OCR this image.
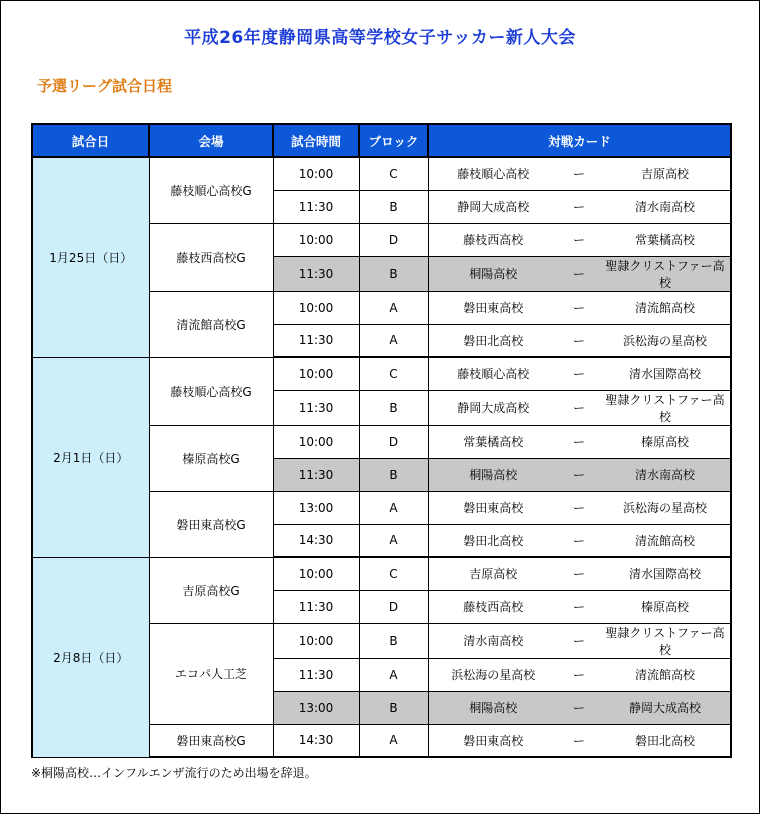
平成26年度静岡県高等学校女子サッカー新人大会
予選リーグ試合日程
試合日	会場	試合時間	ブロック	対戦カード		
1月25日（日）	藤枝順心高校G	10:00	C	藤枝順心高校	ー	吉原高校
		11:30	B	静岡大成高校	ー	清水南高校
	藤枝西高校G	10:00	D	藤枝西高校	ー	常葉橘高校
		11:30	B	桐陽高校	ー	聖隷クリストファー高校
	清流館高校G	10:00	A	磐田東高校	ー	清流館高校
		11:30	A	磐田北高校	ー	浜松海の星高校
2月1日（日）	藤枝順心高校G	10:00	C	藤枝順心高校	ー	清水国際高校
		11:30	B	静岡大成高校	ー	聖隷クリストファー高校
	榛原高校G	10:00	D	常葉橘高校	ー	榛原高校
		11:30	B	桐陽高校	ー	清水南高校
	磐田東高校G	13:00	A	磐田東高校	ー	浜松海の星高校
		14:30	A	磐田北高校	ー	清流館高校
2月8日（日）	吉原高校G	10:00	C	吉原高校	ー	清水国際高校
		11:30	D	藤枝西高校	ー	榛原高校
	エコパ人工芝	10:00	B	清水南高校	ー	聖隷クリストファー高校
		11:30	A	浜松海の星高校	ー	清流館高校
		13:00	B	桐陽高校	ー	静岡大成高校
	磐田東高校G	14:30	A	磐田東高校	ー	磐田北高校
※桐陽高校…インフルエンザ流行のため出場を辞退。
